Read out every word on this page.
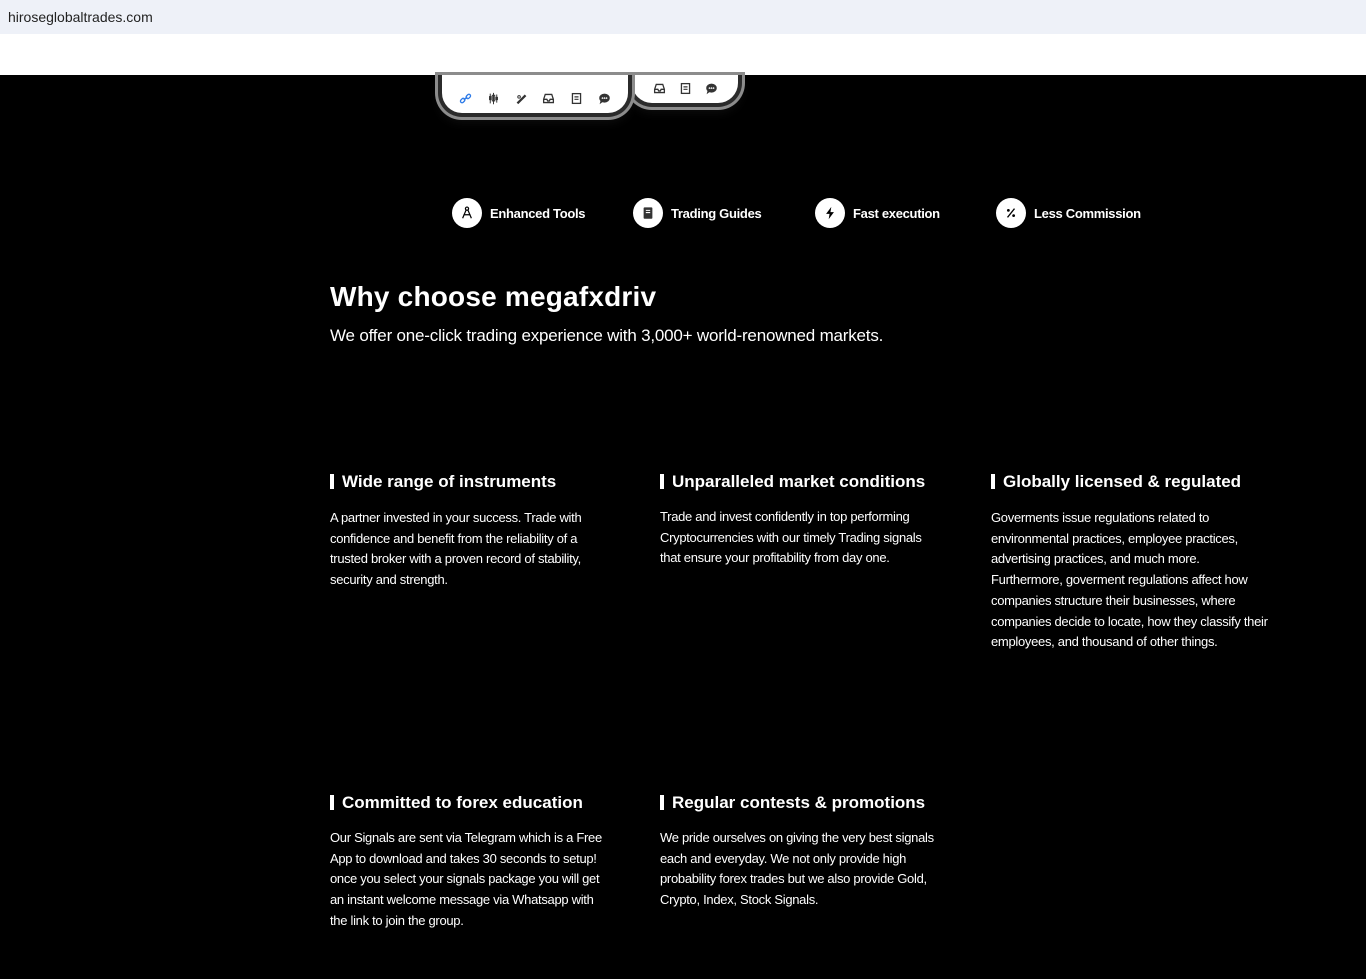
hiroseglobaltrades.com
Enhanced Tools	Trading Guides	Fast execution	Less Commission
Why choose megafxdriv

We offer one-click trading experience with 3,000+ world-renowned markets.

Wide range of instruments

A partner invested in your success. Trade with confidence and benefit from the reliability of a trusted broker with a proven record of stability, security and strength.

Unparalleled market conditions

Trade and invest confidently in top performing Cryptocurrencies with our timely Trading signals that ensure your profitability from day one.

Globally licensed & regulated

Goverments issue regulations related to environmental practices, employee practices, advertising practices, and much more. Furthermore, goverment regulations affect how companies structure their businesses, where companies decide to locate, how they classify their employees, and thousand of other things.

Committed to forex education

Our Signals are sent via Telegram which is a Free App to download and takes 30 seconds to setup! once you select your signals package you will get an instant welcome message via Whatsapp with the link to join the group.

Regular contests & promotions

We pride ourselves on giving the very best signals each and everyday. We not only provide high probability forex trades but we also provide Gold, Crypto, Index, Stock Signals.
